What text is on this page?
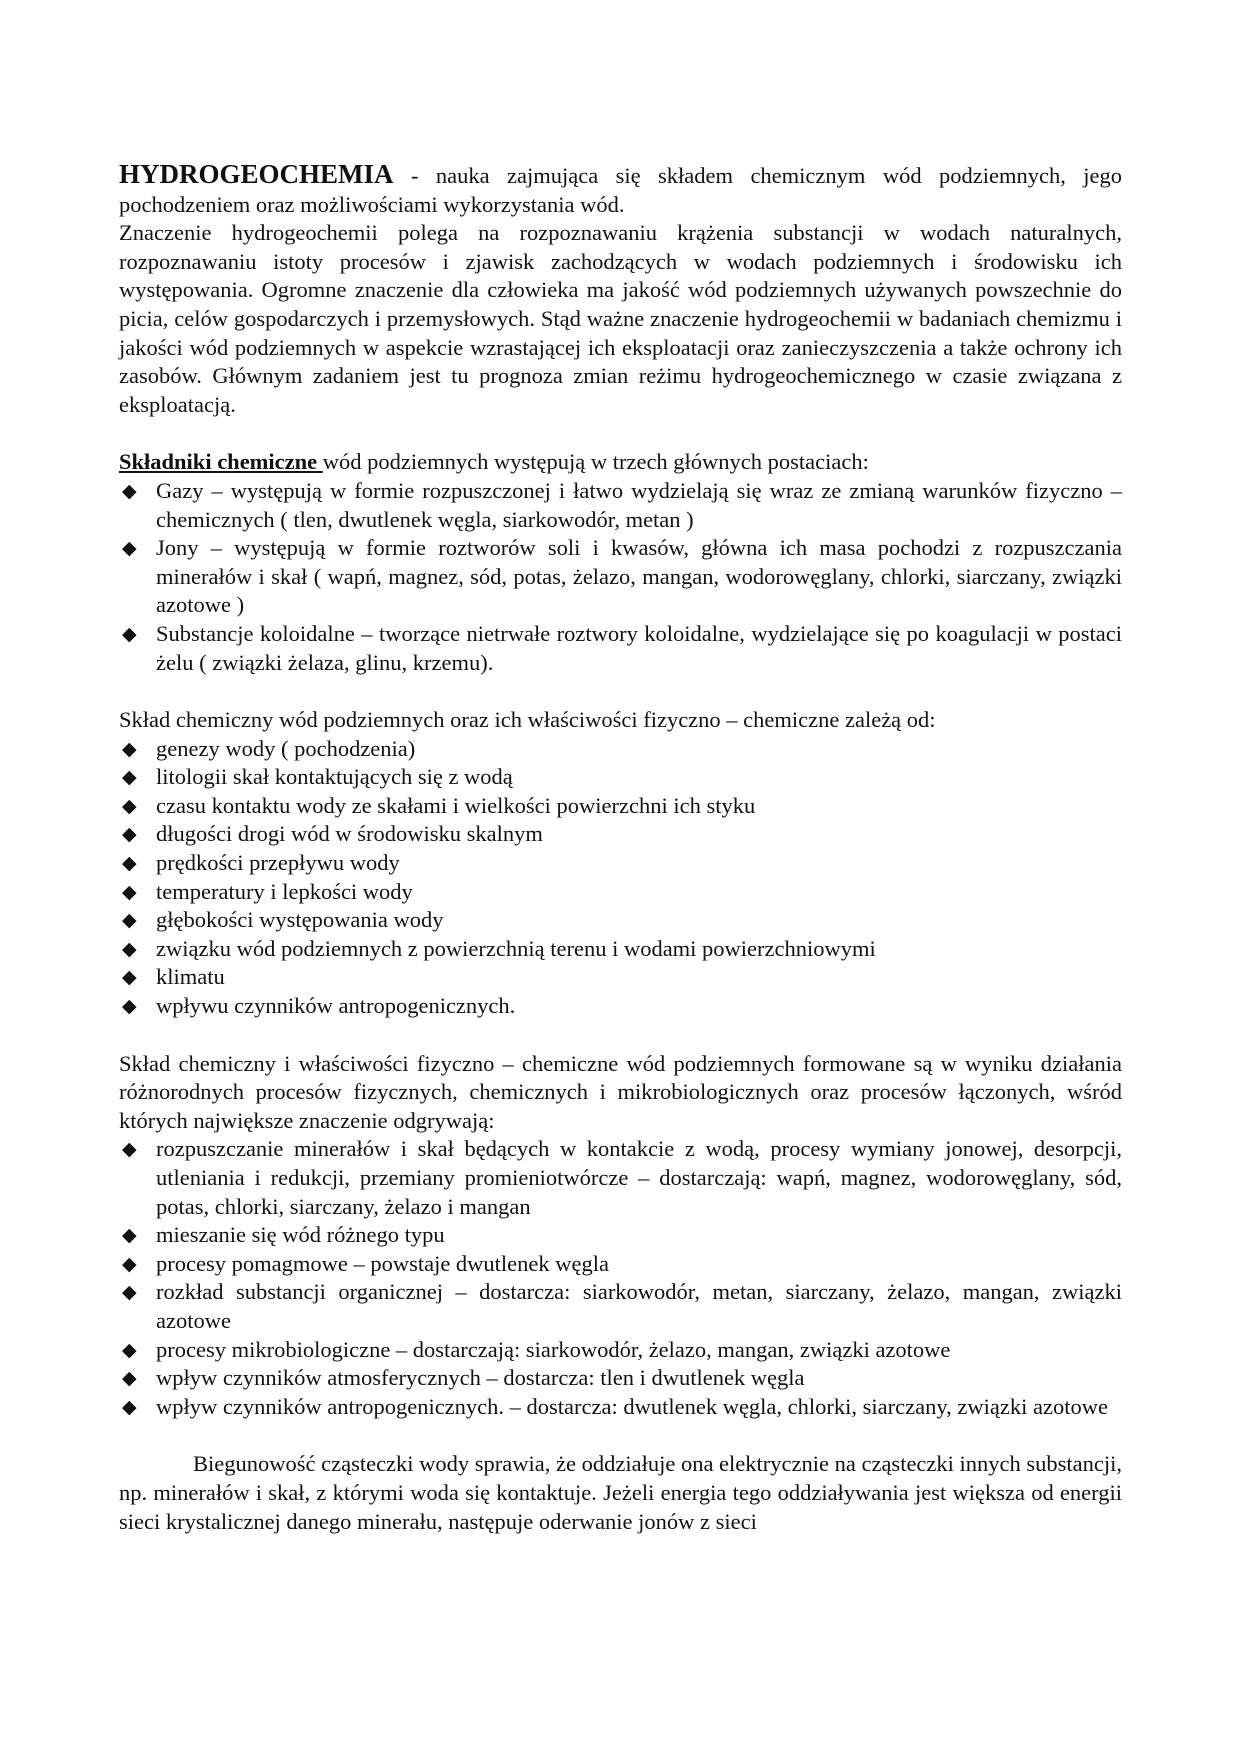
HYDROGEOCHEMIA - nauka zajmująca się składem chemicznym wód podziemnych, jego pochodzeniem oraz możliwościami wykorzystania wód.

Znaczenie hydrogeochemii polega na rozpoznawaniu krążenia substancji w wodach naturalnych, rozpoznawaniu istoty procesów i zjawisk zachodzących w wodach podziemnych i środowisku ich występowania. Ogromne znaczenie dla człowieka ma jakość wód podziemnych używanych powszechnie do picia, celów gospodarczych i przemysłowych. Stąd ważne znaczenie hydrogeochemii w badaniach chemizmu i jakości wód podziemnych w aspekcie wzrastającej ich eksploatacji oraz zanieczyszczenia a także ochrony ich zasobów. Głównym zadaniem jest tu prognoza zmian reżimu hydrogeochemicznego w czasie związana z eksploatacją.

Składniki chemiczne wód podziemnych występują w trzech głównych postaciach:

◆ Gazy – występują w formie rozpuszczonej i łatwo wydzielają się wraz ze zmianą warunków fizyczno – chemicznych ( tlen, dwutlenek węgla, siarkowodór, metan )
◆ Jony – występują w formie roztworów soli i kwasów, główna ich masa pochodzi z rozpuszczania minerałów i skał ( wapń, magnez, sód, potas, żelazo, mangan, wodorowęglany, chlorki, siarczany, związki azotowe )
◆ Substancje koloidalne – tworzące nietrwałe roztwory koloidalne, wydzielające się po koagulacji w postaci żelu ( związki żelaza, glinu, krzemu).

Skład chemiczny wód podziemnych oraz ich właściwości fizyczno – chemiczne zależą od:

◆ genezy wody ( pochodzenia)
◆ litologii skał kontaktujących się z wodą
◆ czasu kontaktu wody ze skałami i wielkości powierzchni ich styku
◆ długości drogi wód w środowisku skalnym
◆ prędkości przepływu wody
◆ temperatury i lepkości wody
◆ głębokości występowania wody
◆ związku wód podziemnych z powierzchnią terenu i wodami powierzchniowymi
◆ klimatu
◆ wpływu czynników antropogenicznych.

Skład chemiczny i właściwości fizyczno – chemiczne wód podziemnych formowane są w wyniku działania różnorodnych procesów fizycznych, chemicznych i mikrobiologicznych oraz procesów łączonych, wśród których największe znaczenie odgrywają:

◆ rozpuszczanie minerałów i skał będących w kontakcie z wodą, procesy wymiany jonowej, desorpcji, utleniania i redukcji, przemiany promieniotwórcze – dostarczają: wapń, magnez, wodorowęglany, sód, potas, chlorki, siarczany, żelazo i mangan
◆ mieszanie się wód różnego typu
◆ procesy pomagmowe – powstaje dwutlenek węgla
◆ rozkład substancji organicznej – dostarcza: siarkowodór, metan, siarczany, żelazo, mangan, związki azotowe
◆ procesy mikrobiologiczne – dostarczają: siarkowodór, żelazo, mangan, związki azotowe
◆ wpływ czynników atmosferycznych – dostarcza: tlen i dwutlenek węgla
◆ wpływ czynników antropogenicznych. – dostarcza: dwutlenek węgla, chlorki, siarczany, związki azotowe

Biegunowość cząsteczki wody sprawia, że oddziałuje ona elektrycznie na cząsteczki innych substancji, np. minerałów i skał, z którymi woda się kontaktuje. Jeżeli energia tego oddziaływania jest większa od energii sieci krystalicznej danego minerału, następuje oderwanie jonów z sieci
